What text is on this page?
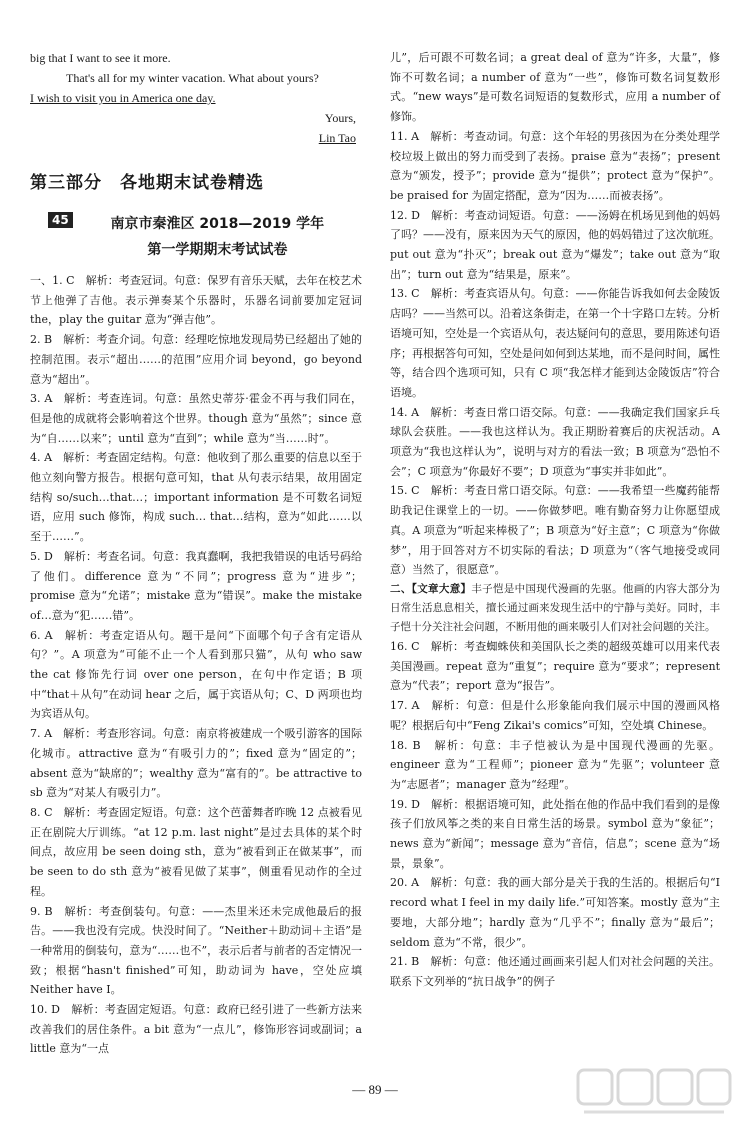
big that I want to see it more.

That's all for my winter vacation. What about yours?

I wish to visit you in America one day.

Yours,

Lin Tao

第三部分　各地期末试卷精选
45	南京市秦淮区 2018—2019 学年
第一学期期末考试试卷

一、1. C　解析：考查冠词。句意：保罗有音乐天赋，去年在校艺术节上他弹了吉他。表示弹奏某个乐器时，乐器名词前要加定冠词 the，play the guitar 意为“弹吉他”。

2. B　解析：考查介词。句意：经理吃惊地发现局势已经超出了她的控制范围。表示“超出……的范围”应用介词 beyond，go beyond 意为“超出”。

3. A　解析：考查连词。句意：虽然史蒂芬·霍金不再与我们同在，但是他的成就将会影响着这个世界。though 意为“虽然”；since 意为“自……以来”；until 意为“直到”；while 意为“当……时”。

4. A　解析：考查固定结构。句意：他收到了那么重要的信息以至于他立刻向警方报告。根据句意可知，that 从句表示结果，故用固定结构 so/such…that…；important information 是不可数名词短语，应用 such 修饰，构成 such… that…结构，意为“如此……以至于……”。

5. D　解析：考查名词。句意：我真蠢啊，我把我错误的电话号码给了他们。difference 意为“不同”；progress 意为“进步”；promise 意为“允诺”；mistake 意为“错误”。make the mistake of…意为“犯……错”。

6. A　解析：考查定语从句。题干是问“下面哪个句子含有定语从句？”。A 项意为“可能不止一个人看到那只猫”，从句 who saw the cat 修饰先行词 over one person，在句中作定语；B 项中“that＋从句”在动词 hear 之后，属于宾语从句；C、D 两项也均为宾语从句。

7. A　解析：考查形容词。句意：南京将被建成一个吸引游客的国际化城市。attractive 意为“有吸引力的”；fixed 意为“固定的”；absent 意为“缺席的”；wealthy 意为“富有的”。be attractive to sb 意为“对某人有吸引力”。

8. C　解析：考查固定短语。句意：这个芭蕾舞者昨晚 12 点被看见正在剧院大厅训练。“at 12 p.m. last night”是过去具体的某个时间点，故应用 be seen doing sth，意为“被看到正在做某事”，而 be seen to do sth 意为“被看见做了某事”，侧重看见动作的全过程。

9. B　解析：考查倒装句。句意：——杰里米还未完成他最后的报告。——我也没有完成。快没时间了。“Neither＋助动词＋主语”是一种常用的倒装句，意为“……也不”，表示后者与前者的否定情况一致；根据“hasn't finished”可知，助动词为 have，空处应填 Neither have I。

10. D　解析：考查固定短语。句意：政府已经引进了一些新方法来改善我们的居住条件。a bit 意为“一点儿”，修饰形容词或副词；a little 意为“一点

儿”，后可跟不可数名词；a great deal of 意为“许多，大量”，修饰不可数名词；a number of 意为“一些”，修饰可数名词复数形式。“new ways”是可数名词短语的复数形式，应用 a number of 修饰。

11. A　解析：考查动词。句意：这个年轻的男孩因为在分类处理学校垃圾上做出的努力而受到了表扬。praise 意为“表扬”；present 意为“颁发，授予”；provide 意为“提供”；protect 意为“保护”。be praised for 为固定搭配，意为“因为……而被表扬”。

12. D　解析：考查动词短语。句意：——汤姆在机场见到他的妈妈了吗？——没有，原来因为天气的原因，他的妈妈错过了这次航班。put out 意为“扑灭”；break out 意为“爆发”；take out 意为“取出”；turn out 意为“结果是，原来”。

13. C　解析：考查宾语从句。句意：——你能告诉我如何去金陵饭店吗？——当然可以。沿着这条街走，在第一个十字路口左转。分析语境可知，空处是一个宾语从句，表达疑问句的意思，要用陈述句语序；再根据答句可知，空处是问如何到达某地，而不是问时间，属性等，结合四个选项可知，只有 C 项“我怎样才能到达金陵饭店”符合语境。

14. A　解析：考查日常口语交际。句意：——我确定我们国家乒乓球队会获胜。——我也这样认为。我正期盼着赛后的庆祝活动。A 项意为“我也这样认为”，说明与对方的看法一致；B 项意为“恐怕不会”；C 项意为“你最好不要”；D 项意为“事实并非如此”。

15. C　解析：考查日常口语交际。句意：——我希望一些魔药能帮助我记住课堂上的一切。——你做梦吧。唯有勤奋努力让你愿望成真。A 项意为“听起来棒极了”；B 项意为“好主意”；C 项意为“你做梦”，用于回答对方不切实际的看法；D 项意为“（客气地接受或同意）当然了，很愿意”。

二、【文章大意】丰子恺是中国现代漫画的先驱。他画的内容大部分为日常生活息息相关，擅长通过画来发现生活中的宁静与美好。同时，丰子恺十分关注社会问题，不断用他的画来吸引人们对社会问题的关注。

16. C　解析：考查蜘蛛侠和美国队长之类的超级英雄可以用来代表美国漫画。repeat 意为“重复”；require 意为“要求”；represent 意为“代表”；report 意为“报告”。

17. A　解析：句意：但是什么形象能向我们展示中国的漫画风格呢？根据后句中“Feng Zikai's comics”可知，空处填 Chinese。

18. B　解析：句意：丰子恺被认为是中国现代漫画的先驱。engineer 意为“工程师”；pioneer 意为“先驱”；volunteer 意为“志愿者”；manager 意为“经理”。

19. D　解析：根据语境可知，此处指在他的作品中我们看到的是像孩子们放风筝之类的来自日常生活的场景。symbol 意为“象征”；news 意为“新闻”；message 意为“音信，信息”；scene 意为“场景，景象”。

20. A　解析：句意：我的画大部分是关于我的生活的。根据后句“I record what I feel in my daily life.”可知答案。mostly 意为“主要地，大部分地”；hardly 意为“几乎不”；finally 意为“最后”；seldom 意为“不常，很少”。

21. B　解析：句意：他还通过画画来引起人们对社会问题的关注。联系下文列举的“抗日战争”的例子

— 89 —
